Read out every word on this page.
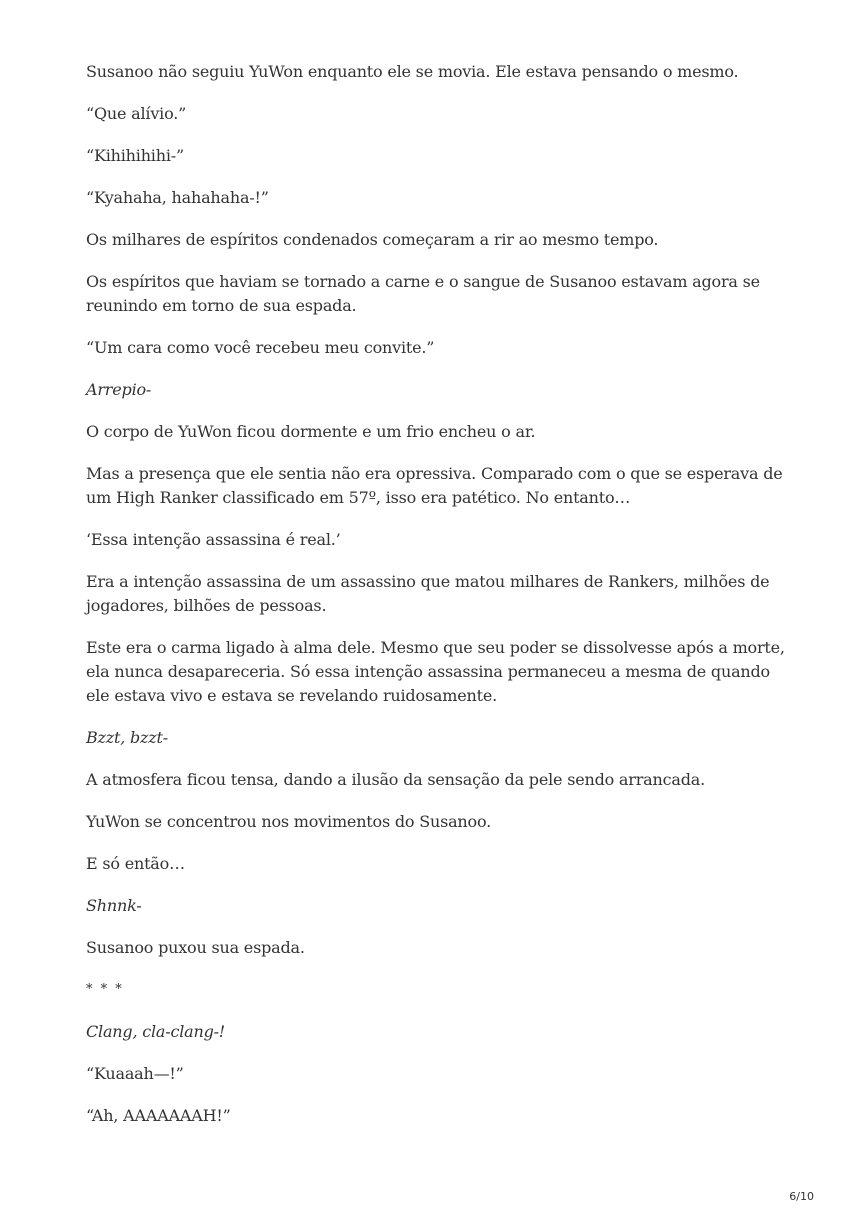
Susanoo não seguiu YuWon enquanto ele se movia. Ele estava pensando o mesmo.

“Que alívio.”

“Kihihihihi-”

“Kyahaha, hahahaha-!”

Os milhares de espíritos condenados começaram a rir ao mesmo tempo.

Os espíritos que haviam se tornado a carne e o sangue de Susanoo estavam agora se reunindo em torno de sua espada.

“Um cara como você recebeu meu convite.”

Arrepio-

O corpo de YuWon ficou dormente e um frio encheu o ar.

Mas a presença que ele sentia não era opressiva. Comparado com o que se esperava de um High Ranker classificado em 57º, isso era patético. No entanto…

‘Essa intenção assassina é real.’

Era a intenção assassina de um assassino que matou milhares de Rankers, milhões de jogadores, bilhões de pessoas.

Este era o carma ligado à alma dele. Mesmo que seu poder se dissolvesse após a morte, ela nunca desapareceria. Só essa intenção assassina permaneceu a mesma de quando ele estava vivo e estava se revelando ruidosamente.

Bzzt, bzzt-

A atmosfera ficou tensa, dando a ilusão da sensação da pele sendo arrancada.

YuWon se concentrou nos movimentos do Susanoo.

E só então…

Shnnk-

Susanoo puxou sua espada.

* * *

Clang, cla-clang-!

“Kuaaah—!”

“Ah, AAAAAAAH!”

6/10
